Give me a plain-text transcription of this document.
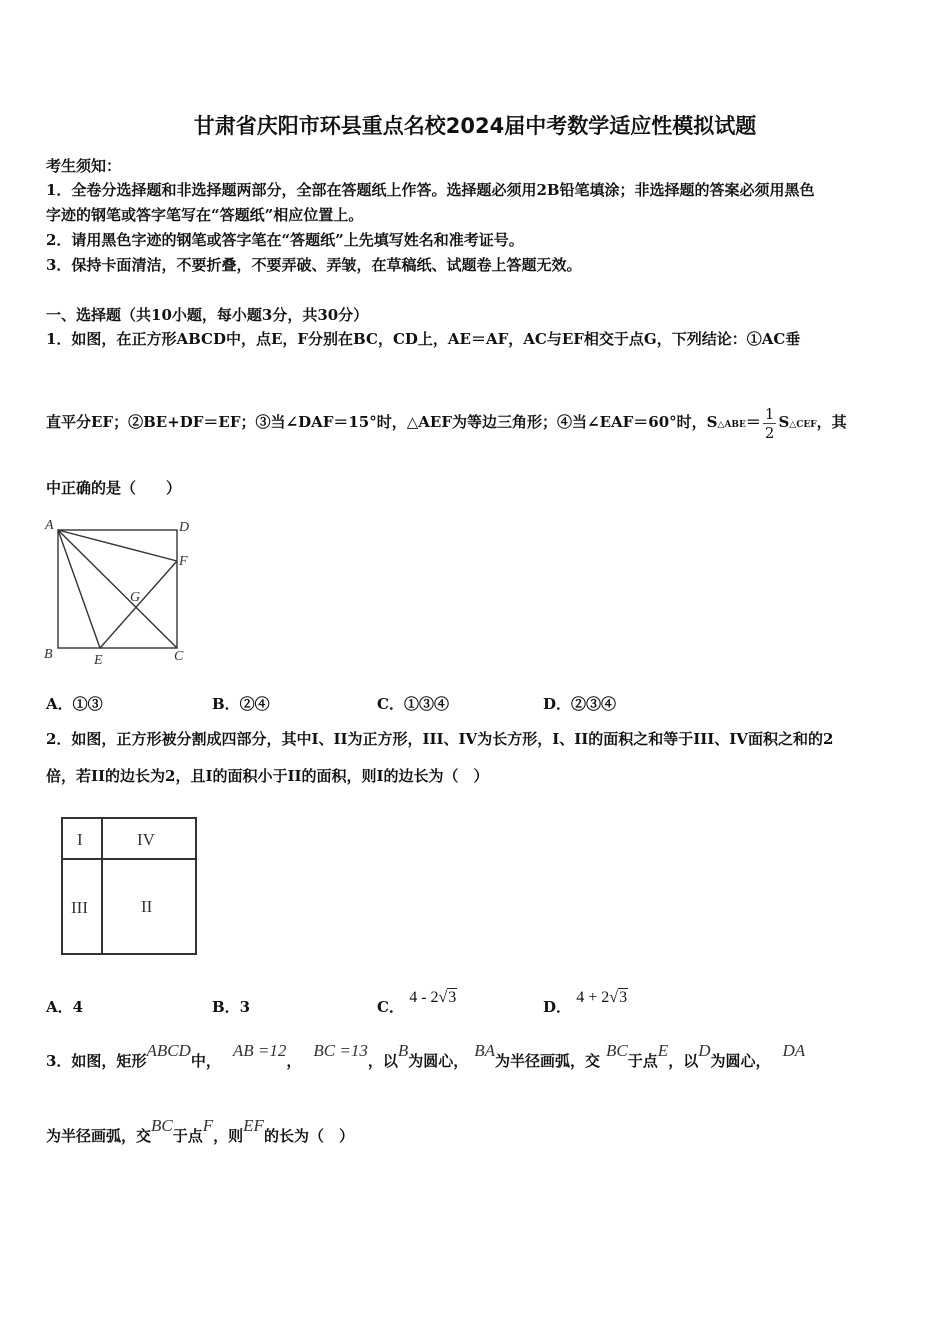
甘肃省庆阳市环县重点名校2024届中考数学适应性模拟试题
考生须知：
1．全卷分选择题和非选择题两部分，全部在答题纸上作答。选择题必须用2B铅笔填涂；非选择题的答案必须用黑色
字迹的钢笔或答字笔写在“答题纸”相应位置上。
2．请用黑色字迹的钢笔或答字笔在“答题纸”上先填写姓名和准考证号。
3．保持卡面清洁，不要折叠，不要弄破、弄皱，在草稿纸、试题卷上答题无效。
一、选择题（共10小题，每小题3分，共30分）
1．如图，在正方形ABCD中，点E，F分别在BC，CD上，AE＝AF，AC与EF相交于点G，下列结论：①AC垂
直平分EF；②BE+DF＝EF；③当∠DAF＝15°时，△AEF为等边三角形；④当∠EAF＝60°时，S△ABE＝ $\frac{1}{2}$ S△CEF，其
中正确的是（　　）
A	D
F
G
B	E	C
A．①③	B．②④	C．①③④	D．②③④
2．如图，正方形被分割成四部分，其中I、II为正方形，III、IV为长方形，I、II的面积之和等于III、IV面积之和的2
倍，若II的边长为2，且I的面积小于II的面积，则I的边长为（　）
I	IV
III	II
A．4	B．3	C． 4 - 2√3
D． 4 + 2√3
3．如图，矩形ABCD中，AB =12，BC =13，以B为圆心，BA为半径画弧，交BC于点E，以D为圆心，DA
为半径画弧，交BC于点F，则EF的长为（　）
